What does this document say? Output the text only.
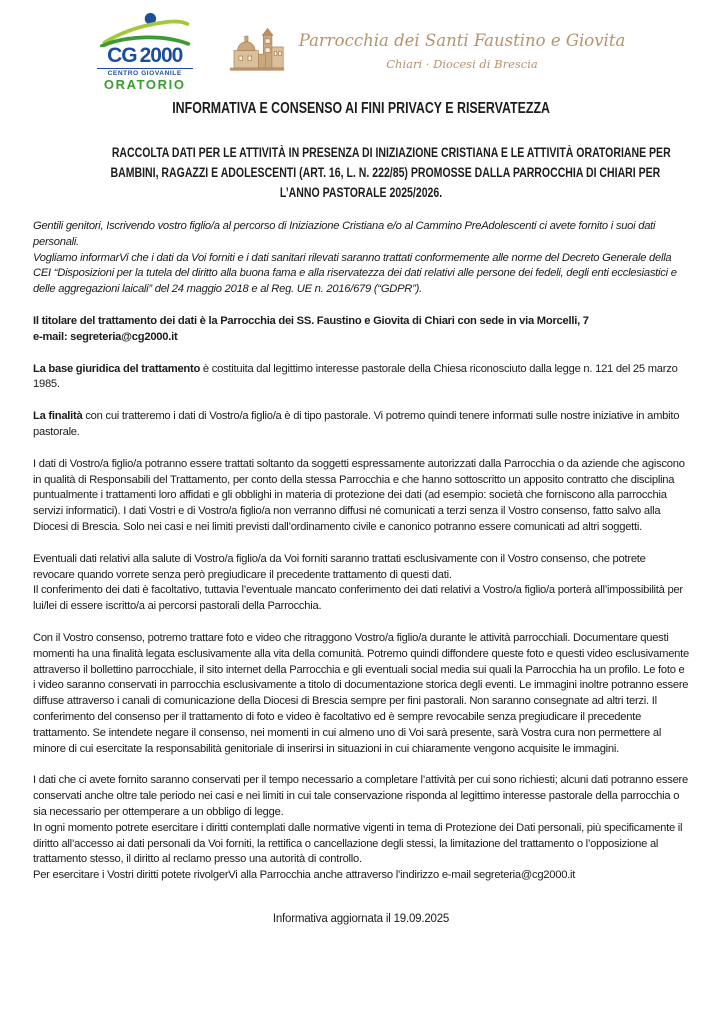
CG 2000
CENTRO GIOVANILE
ORATORIO
Parrocchia dei Santi Faustino e Giovita
Chiari · Diocesi di Brescia
INFORMATIVA E CONSENSO AI FINI PRIVACY E RISERVATEZZA
RACCOLTA DATI PER LE ATTIVITÀ IN PRESENZA DI INIZIAZIONE CRISTIANA E LE ATTIVITÀ ORATORIANE PER
BAMBINI, RAGAZZI E ADOLESCENTI (ART. 16, L. N. 222/85) PROMOSSE DALLA PARROCCHIA DI CHIARI PER
L’ANNO PASTORALE 2025/2026.

Gentili genitori, Iscrivendo vostro figlio/a al percorso di Iniziazione Cristiana e/o al Cammino PreAdolescenti ci avete fornito i suoi dati personali.

Vogliamo informarVi che i dati da Voi forniti e i dati sanitari rilevati saranno trattati conformemente alle norme del Decreto Generale della CEI “Disposizioni per la tutela del diritto alla buona fama e alla riservatezza dei dati relativi alle persone dei fedeli, degli enti ecclesiastici e delle aggregazioni laicali” del 24 maggio 2018 e al Reg. UE n. 2016/679 (“GDPR”).

Il titolare del trattamento dei dati è la Parrocchia dei SS. Faustino e Giovita di Chiari con sede in via Morcelli, 7

e-mail: segreteria@cg2000.it

La base giuridica del trattamento è costituita dal legittimo interesse pastorale della Chiesa riconosciuto dalla legge n. 121 del 25 marzo 1985.

La finalità con cui tratteremo i dati di Vostro/a figlio/a è di tipo pastorale. Vi potremo quindi tenere informati sulle nostre iniziative in ambito pastorale.

I dati di Vostro/a figlio/a potranno essere trattati soltanto da soggetti espressamente autorizzati dalla Parrocchia o da aziende che agiscono in qualità di Responsabili del Trattamento, per conto della stessa Parrocchia e che hanno sottoscritto un apposito contratto che disciplina puntualmente i trattamenti loro affidati e gli obblighi in materia di protezione dei dati (ad esempio: società che forniscono alla parrocchia servizi informatici). I dati Vostri e di Vostro/a figlio/a non verranno diffusi né comunicati a terzi senza il Vostro consenso, fatto salvo alla Diocesi di Brescia. Solo nei casi e nei limiti previsti dall’ordinamento civile e canonico potranno essere comunicati ad altri soggetti.

Eventuali dati relativi alla salute di Vostro/a figlio/a da Voi forniti saranno trattati esclusivamente con il Vostro consenso, che potrete revocare quando vorrete senza però pregiudicare il precedente trattamento di questi dati.

Il conferimento dei dati è facoltativo, tuttavia l’eventuale mancato conferimento dei dati relativi a Vostro/a figlio/a porterà all’impossibilità per lui/lei di essere iscritto/a ai percorsi pastorali della Parrocchia.

Con il Vostro consenso, potremo trattare foto e video che ritraggono Vostro/a figlio/a durante le attività parrocchiali. Documentare questi momenti ha una finalità legata esclusivamente alla vita della comunità. Potremo quindi diffondere queste foto e questi video esclusivamente attraverso il bollettino parrocchiale, il sito internet della Parrocchia e gli eventuali social media sui quali la Parrocchia ha un profilo. Le foto e i video saranno conservati in parrocchia esclusivamente a titolo di documentazione storica degli eventi. Le immagini inoltre potranno essere diffuse attraverso i canali di comunicazione della Diocesi di Brescia sempre per fini pastorali. Non saranno consegnate ad altri terzi. Il conferimento del consenso per il trattamento di foto e video è facoltativo ed è sempre revocabile senza pregiudicare il precedente trattamento. Se intendete negare il consenso, nei momenti in cui almeno uno di Voi sarà presente, sarà Vostra cura non permettere al minore di cui esercitate la responsabilità genitoriale di inserirsi in situazioni in cui chiaramente vengono acquisite le immagini.

I dati che ci avete fornito saranno conservati per il tempo necessario a completare l’attività per cui sono richiesti; alcuni dati potranno essere conservati anche oltre tale periodo nei casi e nei limiti in cui tale conservazione risponda al legittimo interesse pastorale della parrocchia o sia necessario per ottemperare a un obbligo di legge.

In ogni momento potrete esercitare i diritti contemplati dalle normative vigenti in tema di Protezione dei Dati personali, più specificamente il diritto all’accesso ai dati personali da Voi forniti, la rettifica o cancellazione degli stessi, la limitazione del trattamento o l’opposizione al trattamento stesso, il diritto al reclamo presso una autorità di controllo.

Per esercitare i Vostri diritti potete rivolgerVi alla Parrocchia anche attraverso l’indirizzo e-mail segreteria@cg2000.it

Informativa aggiornata il 19.09.2025
